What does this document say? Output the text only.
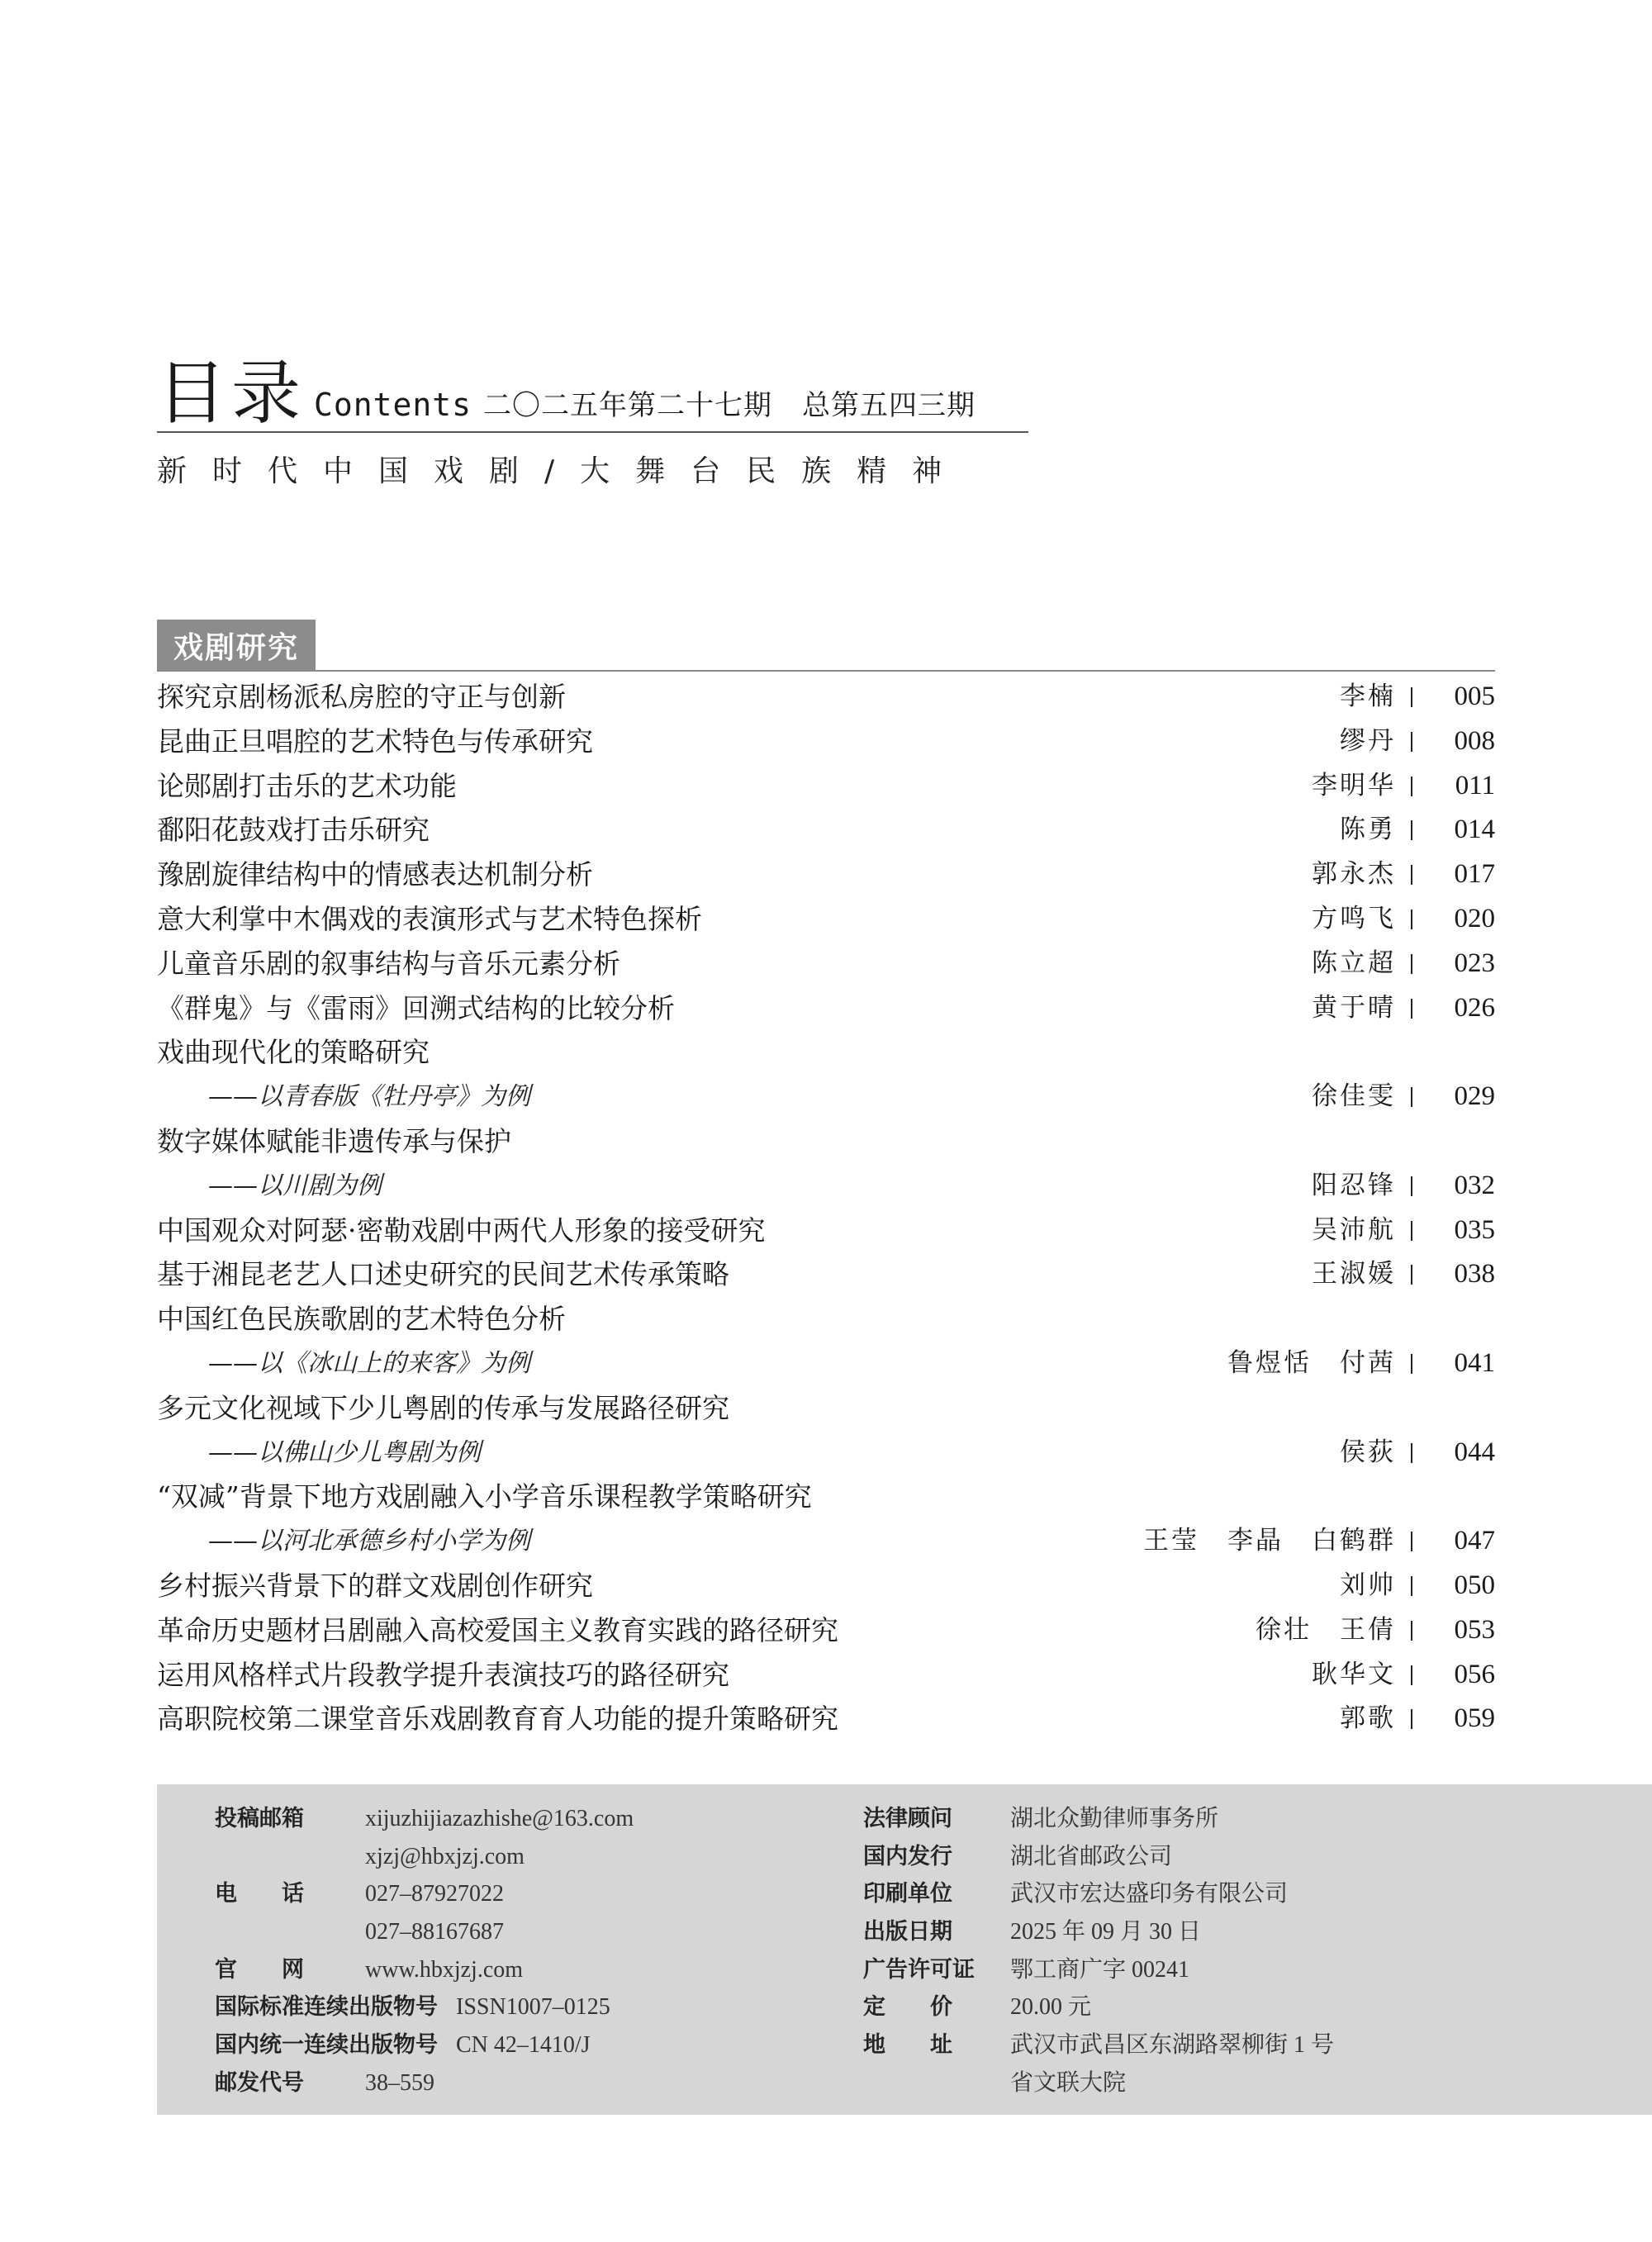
目录 Contents 二〇二五年第二十七期 总第五四三期
新时代中国戏剧/大舞台民族精神
戏剧研究
探究京剧杨派私房腔的守正与创新	李楠	005
昆曲正旦唱腔的艺术特色与传承研究	缪丹	008
论郧剧打击乐的艺术功能	李明华	011
鄱阳花鼓戏打击乐研究	陈勇	014
豫剧旋律结构中的情感表达机制分析	郭永杰	017
意大利掌中木偶戏的表演形式与艺术特色探析	方鸣飞	020
儿童音乐剧的叙事结构与音乐元素分析	陈立超	023
《群鬼》与《雷雨》回溯式结构的比较分析	黄于晴	026
戏曲现代化的策略研究
——以青春版《牡丹亭》为例	徐佳雯	029
数字媒体赋能非遗传承与保护
——以川剧为例	阳忍锋	032
中国观众对阿瑟·密勒戏剧中两代人形象的接受研究	吴沛航	035
基于湘昆老艺人口述史研究的民间艺术传承策略	王淑媛	038
中国红色民族歌剧的艺术特色分析
——以《冰山上的来客》为例	鲁煜恬　付茜	041
多元文化视域下少儿粤剧的传承与发展路径研究
——以佛山少儿粤剧为例	侯荻	044
“双减”背景下地方戏剧融入小学音乐课程教学策略研究
——以河北承德乡村小学为例	王莹　李晶　白鹤群	047
乡村振兴背景下的群文戏剧创作研究	刘帅	050
革命历史题材吕剧融入高校爱国主义教育实践的路径研究	徐壮　王倩	053
运用风格样式片段教学提升表演技巧的路径研究	耿华文	056
高职院校第二课堂音乐戏剧教育育人功能的提升策略研究	郭歌	059
投稿邮箱	xijuzhijiazazhishe@163.com
xjzj@hbxjzj.com
电　　话	027–87927022
027–88167687
官　　网	www.hbxjzj.com
国际标准连续出版物号 ISSN1007–0125
国内统一连续出版物号 CN 42–1410/J
邮发代号	38–559
法律顾问	湖北众勤律师事务所
国内发行	湖北省邮政公司
印刷单位	武汉市宏达盛印务有限公司
出版日期	2025 年 09 月 30 日
广告许可证 鄂工商广字 00241
定　　价	20.00 元
地　　址	武汉市武昌区东湖路翠柳街 1 号
省文联大院
